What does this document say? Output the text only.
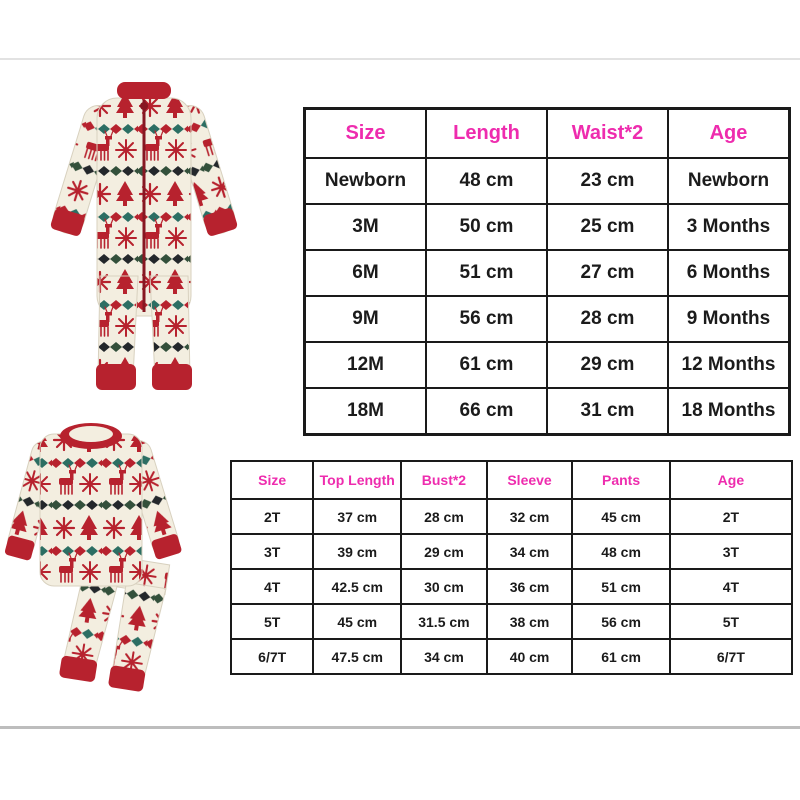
Size	Length	Waist*2	Age
Newborn	48 cm	23 cm	Newborn
3M	50 cm	25 cm	3 Months
6M	51 cm	27 cm	6 Months
9M	56 cm	28 cm	9 Months
12M	61 cm	29 cm	12 Months
18M	66 cm	31 cm	18 Months
Size	Top Length	Bust*2	Sleeve	Pants	Age
2T	37 cm	28 cm	32 cm	45 cm	2T
3T	39 cm	29 cm	34 cm	48 cm	3T
4T	42.5 cm	30 cm	36 cm	51 cm	4T
5T	45 cm	31.5 cm	38 cm	56 cm	5T
6/7T	47.5 cm	34 cm	40 cm	61 cm	6/7T
